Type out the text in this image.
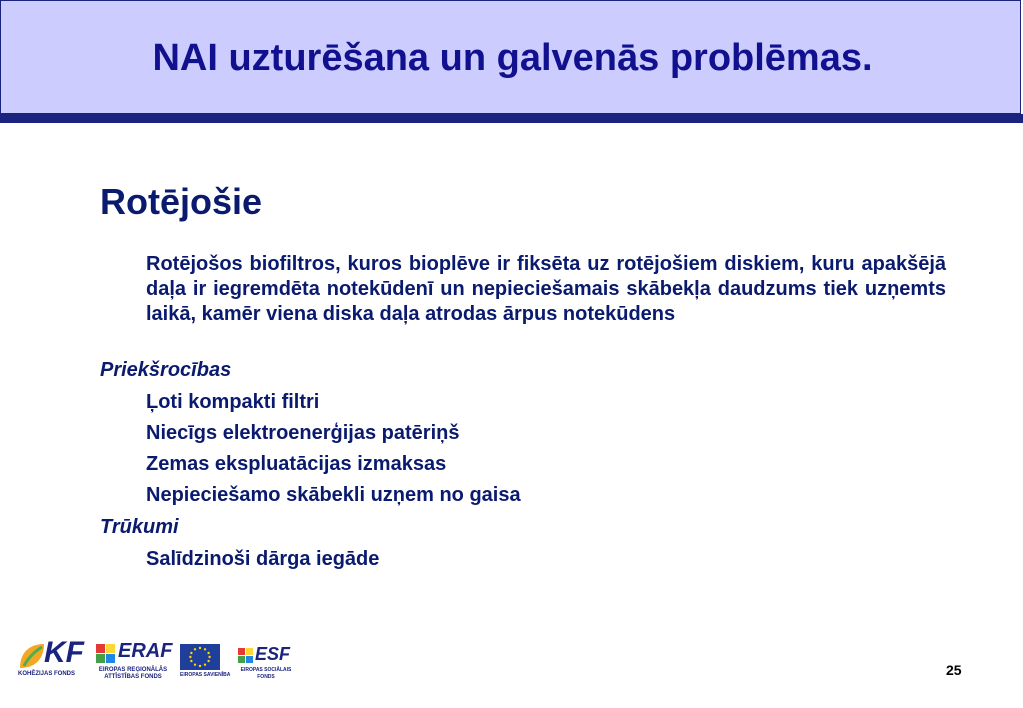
NAI uzturēšana un galvenās problēmas.
Rotējošie

Rotējošos biofiltros, kuros bioplēve ir fiksēta uz rotējošiem diskiem, kuru apakšējā daļa ir iegremdēta notekūdenī un nepieciešamais skābekļa daudzums tiek uzņemts laikā, kamēr viena diska daļa atrodas ārpus notekūdens

Priekšrocības

Ļoti kompakti filtri

Niecīgs elektroenerģijas patēriņš

Zemas ekspluatācijas izmaksas

Nepieciešamo skābekli uzņem no gaisa

Trūkumi

Salīdzinoši dārga iegāde

KF
KOHĒZIJAS FONDS
ERAF
EIROPAS REĢIONĀLĀS ATTĪSTĪBAS FONDS	EIROPAS SAVIENĪBA
ESF
EIROPAS SOCIĀLAIS FONDS	25
